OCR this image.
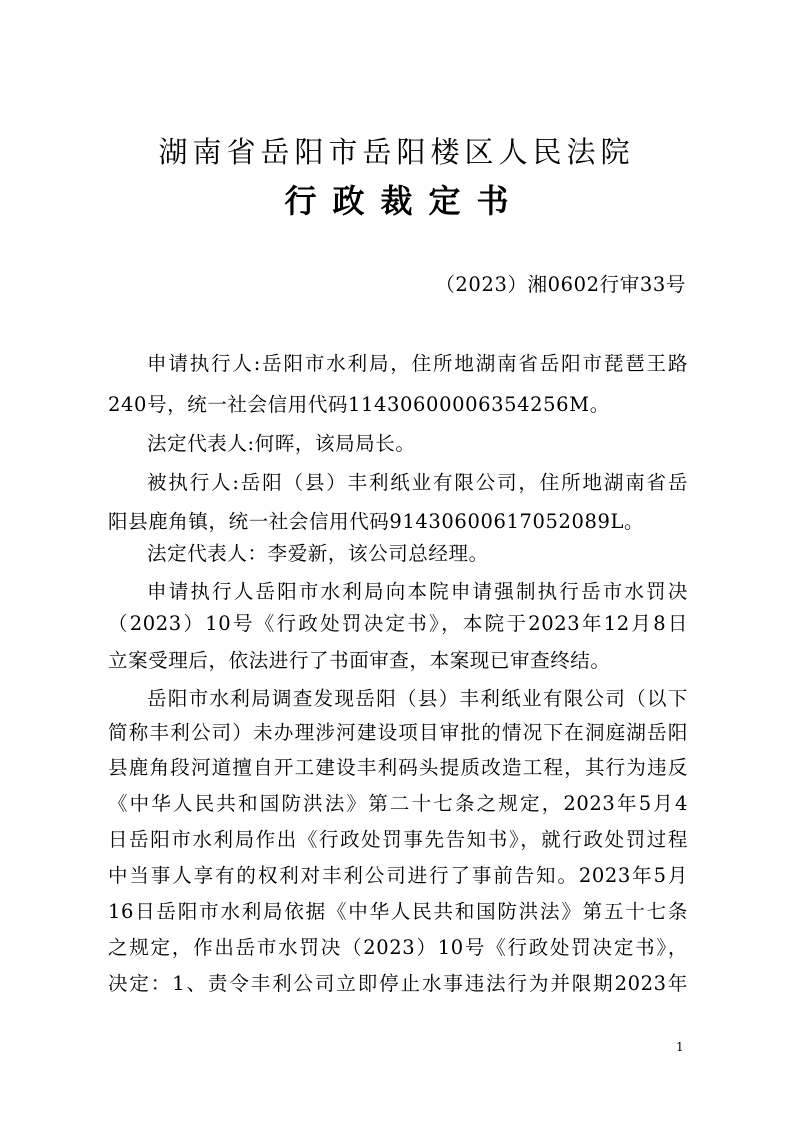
湖南省岳阳市岳阳楼区人民法院
行政裁定书
（2023）湘0602行审33号
申请执行人:岳阳市水利局，住所地湖南省岳阳市琵琶王路
240号，统一社会信用代码11430600006354256M。
法定代表人:何晖，该局局长。
被执行人:岳阳（县）丰利纸业有限公司，住所地湖南省岳
阳县鹿角镇，统一社会信用代码91430600617052089L。
法定代表人：李爱新，该公司总经理。
申请执行人岳阳市水利局向本院申请强制执行岳市水罚决
（2023）10号《行政处罚决定书》，本院于2023年12月8日
立案受理后，依法进行了书面审查，本案现已审查终结。
岳阳市水利局调查发现岳阳（县）丰利纸业有限公司（以下
简称丰利公司）未办理涉河建设项目审批的情况下在洞庭湖岳阳
县鹿角段河道擅自开工建设丰利码头提质改造工程，其行为违反
《中华人民共和国防洪法》第二十七条之规定，2023年5月4
日岳阳市水利局作出《行政处罚事先告知书》，就行政处罚过程
中当事人享有的权利对丰利公司进行了事前告知。2023年5月
16日岳阳市水利局依据《中华人民共和国防洪法》第五十七条
之规定，作出岳市水罚决（2023）10号《行政处罚决定书》，
决定：1、责令丰利公司立即停止水事违法行为并限期2023年
1
